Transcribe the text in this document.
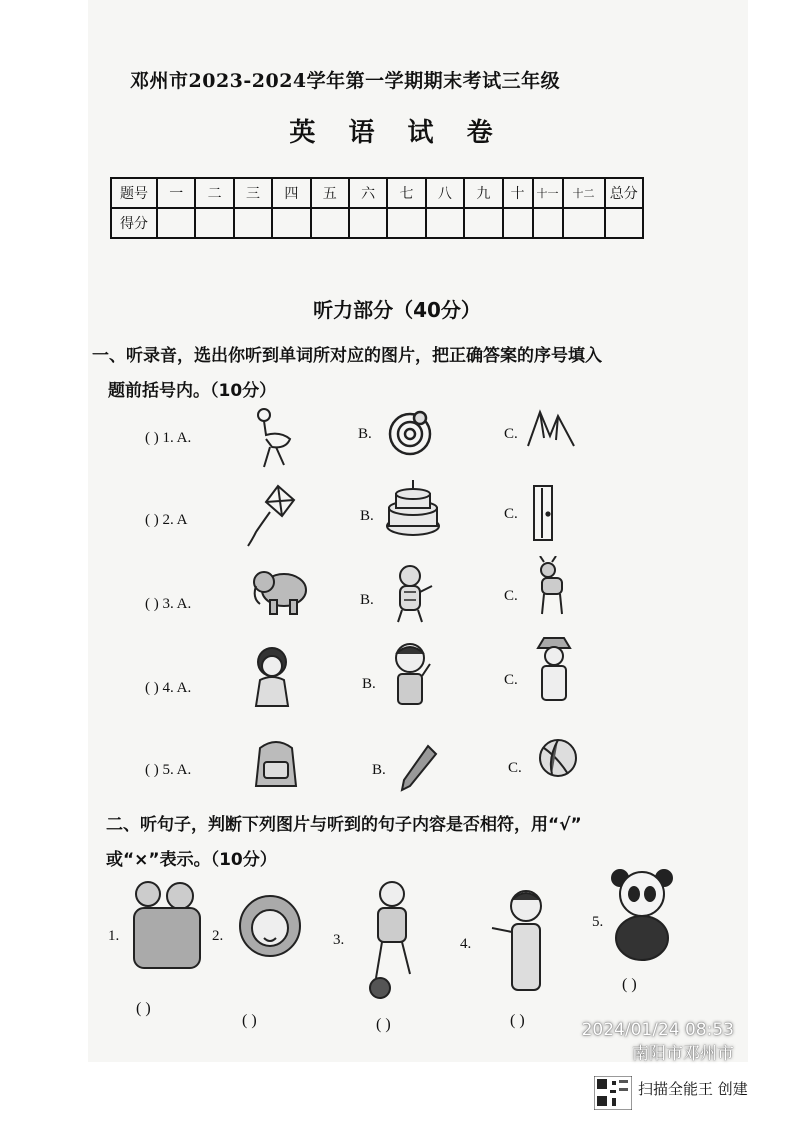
邓州市2023-2024学年第一学期期末考试三年级
英 语 试 卷
题号	一	二	三	四	五	六	七	八	九	十	十一	十二	总分
得分													
听力部分（40分）
一、听录音，选出你听到单词所对应的图片，把正确答案的序号填入
题前括号内。（10分）
( ) 1. A.	B.	C.
( ) 2. A	B.	C.
( ) 3. A.	B.	C.
( ) 4. A.	B.	C.
( ) 5. A.	B.	C.
二、听句子，判断下列图片与听到的句子内容是否相符，用“√”
或“×”表示。（10分）
1.
( )
2.
( )
3.
( )
4.
( )
5.
( )
2024/01/24 08:53
南阳市邓州市
扫描全能王 创建
